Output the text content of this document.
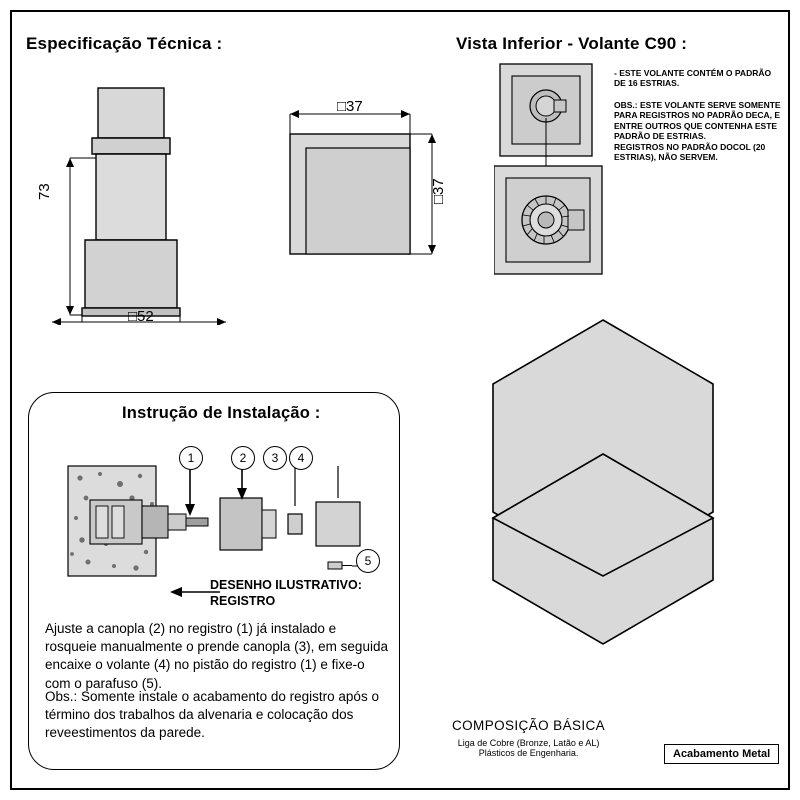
Especificação Técnica :	Vista Inferior - Volante C90 :
73
□52
□37
□37
- ESTE VOLANTE CONTÉM O PADRÃO DE 16 ESTRIAS.
OBS.: ESTE VOLANTE SERVE SOMENTE PARA REGISTROS NO PADRÃO DECA, E ENTRE OUTROS QUE CONTENHA ESTE PADRÃO DE ESTRIAS.
REGISTROS NO PADRÃO DOCOL (20 ESTRIAS), NÃO SERVEM.
Instrução de Instalação :
1	2	3	4
5
DESENHO ILUSTRATIVO:
REGISTRO
Ajuste a canopla (2) no registro (1) já instalado e rosqueie manualmente o prende canopla (3), em seguida encaixe o volante (4) no pistão do registro (1) e fixe-o com o parafuso (5).
Obs.: Somente instale o acabamento do registro após o término dos trabalhos da alvenaria e colocação dos reveestimentos da parede.	COMPOSIÇÃO BÁSICA
Liga de Cobre (Bronze, Latão e AL)
Plásticos de Engenharia.	Acabamento Metal
